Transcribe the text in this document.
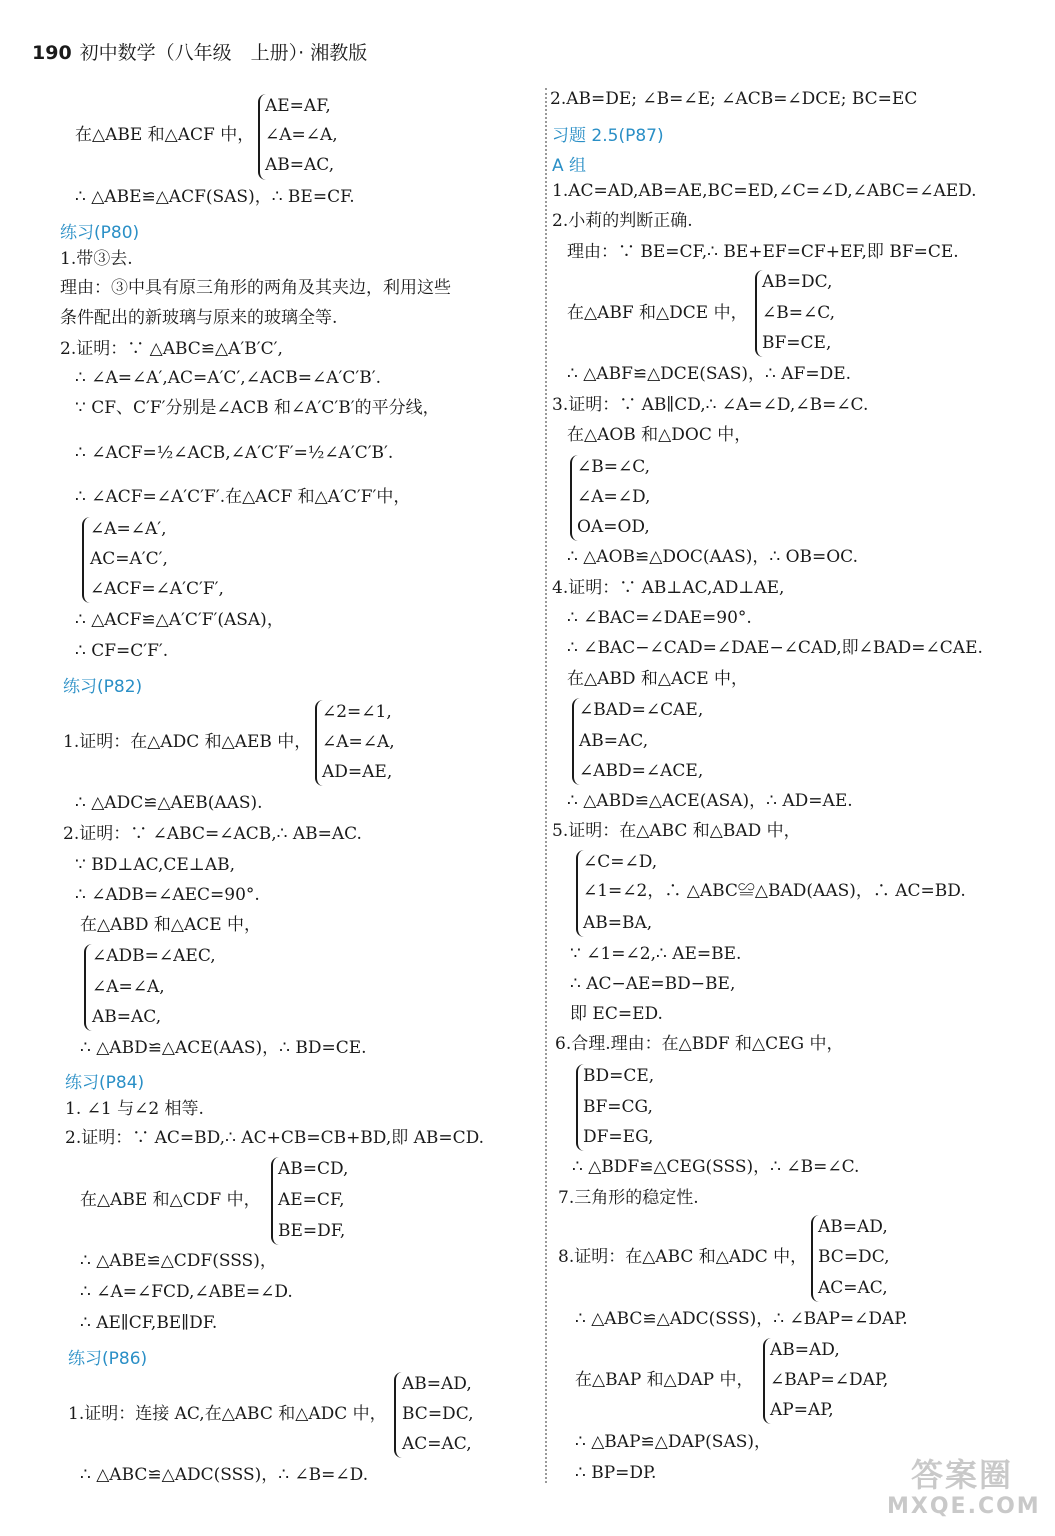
190 初中数学（八年级　上册）· 湘教版
AE=AF,
在△ABE 和△ACF 中， ∠A=∠A,
AB=AC,
∴ △ABE≌△ACF(SAS)，∴ BE=CF.
练习(P80)
1.带③去.
理由：③中具有原三角形的两角及其夹边，利用这些
条件配出的新玻璃与原来的玻璃全等.
2.证明：∵ △ABC≌△A′B′C′,
∴ ∠A=∠A′,AC=A′C′,∠ACB=∠A′C′B′.
∵ CF、C′F′分别是∠ACB 和∠A′C′B′的平分线，
∴ ∠ACF=½∠ACB,∠A′C′F′=½∠A′C′B′.
∴ ∠ACF=∠A′C′F′.在△ACF 和△A′C′F′中，
∠A=∠A′,
AC=A′C′,
∠ACF=∠A′C′F′,
∴ △ACF≌△A′C′F′(ASA)，
∴ CF=C′F′.
练习(P82)
∠2=∠1,
1.证明：在△ADC 和△AEB 中， ∠A=∠A,
AD=AE,
∴ △ADC≌△AEB(AAS).
2.证明：∵ ∠ABC=∠ACB,∴ AB=AC.
∵ BD⊥AC,CE⊥AB,
∴ ∠ADB=∠AEC=90°.
在△ABD 和△ACE 中，
∠ADB=∠AEC,
∠A=∠A,
AB=AC,
∴ △ABD≌△ACE(AAS)，∴ BD=CE.
练习(P84)
1. ∠1 与∠2 相等.
2.证明：∵ AC=BD,∴ AC+CB=CB+BD,即 AB=CD.
AB=CD,
在△ABE 和△CDF 中， AE=CF,
BE=DF,
∴ △ABE≌△CDF(SSS)，
∴ ∠A=∠FCD,∠ABE=∠D.
∴ AE∥CF,BE∥DF.
练习(P86)
AB=AD,
1.证明：连接 AC,在△ABC 和△ADC 中， BC=DC,
AC=AC,
∴ △ABC≌△ADC(SSS)，∴ ∠B=∠D.
2.AB=DE; ∠B=∠E; ∠ACB=∠DCE; BC=EC
习题 2.5(P87)
A 组
1.AC=AD,AB=AE,BC=ED,∠C=∠D,∠ABC=∠AED.
2.小莉的判断正确.
理由：∵ BE=CF,∴ BE+EF=CF+EF,即 BF=CE.
AB=DC,
在△ABF 和△DCE 中， ∠B=∠C,
BF=CE,
∴ △ABF≌△DCE(SAS)，∴ AF=DE.
3.证明：∵ AB∥CD,∴ ∠A=∠D,∠B=∠C.
在△AOB 和△DOC 中，
∠B=∠C,
∠A=∠D,
OA=OD,
∴ △AOB≌△DOC(AAS)，∴ OB=OC.
4.证明：∵ AB⊥AC,AD⊥AE,
∴ ∠BAC=∠DAE=90°.
∴ ∠BAC−∠CAD=∠DAE−∠CAD,即∠BAD=∠CAE.
在△ABD 和△ACE 中，
∠BAD=∠CAE,
AB=AC,
∠ABD=∠ACE,
∴ △ABD≌△ACE(ASA)，∴ AD=AE.
5.证明：在△ABC 和△BAD 中，
∠C=∠D,
∠1=∠2，∴ △ABC≌△BAD(AAS)，∴ AC=BD.
AB=BA,
∵ ∠1=∠2,∴ AE=BE.
∴ AC−AE=BD−BE,
即 EC=ED.
6.合理.理由：在△BDF 和△CEG 中，
BD=CE,
BF=CG,
DF=EG,
∴ △BDF≌△CEG(SSS)，∴ ∠B=∠C.
7.三角形的稳定性.
AB=AD,
8.证明：在△ABC 和△ADC 中， BC=DC,
AC=AC,
∴ △ABC≌△ADC(SSS)，∴ ∠BAP=∠DAP.
AB=AD,
在△BAP 和△DAP 中， ∠BAP=∠DAP,
AP=AP,
∴ △BAP≌△DAP(SAS)，
∴ BP=DP.	答案圈
MXQE.COM
